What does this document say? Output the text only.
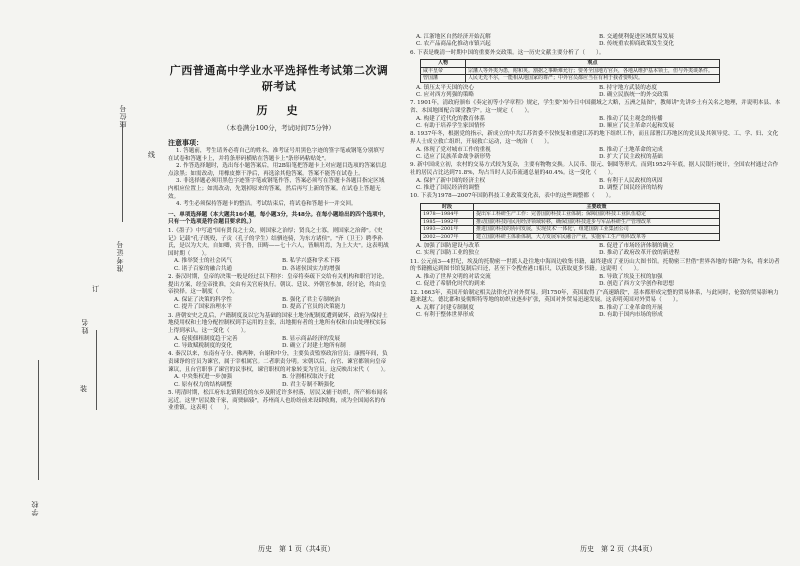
座位号
准考证号
姓名
学校
线
订
装
广西普通高中学业水平选择性考试第二次调研考试
历　史
（本卷满分100分，考试时间75分钟）
注意事项：

1. 答题前，考生请务必将自己的姓名、准考证号用黑色字迹的签字笔或钢笔分别填写在试卷和答题卡上，并将条形码横贴在答题卡上"条形码粘贴处"。

2. 作答选择题时，选出每小题答案后，用2B铅笔把答题卡上对应题目选项的答案信息点涂黑；如需改动，用橡皮擦干净后，再选涂其他答案。答案不能答在试卷上。

3. 非选择题必须用黑色字迹签字笔或钢笔作答，答案必须写在答题卡各题目指定区域内相应位置上；如需改动，先划掉原来的答案，然后再写上新的答案。在试卷上答题无效。

4. 考生必须保持答题卡的整洁。考试结束后，将试卷和答题卡一并交回。

一、单项选择题（本大题共16小题，每小题3分，共48分。在每小题给出的四个选项中，只有一个选项是符合题目要求的。）
1.《墨子》中写道"国有贤良之士众，则国家之治厚；贤良之士寡，则国家之治薄"。《史记》记载"孔子既殁，子贡（孔子的学生）结驷连骑，为东方诸侯"。"齐（卫王）聘季孙氏，是以为大夫，自如卿，宾于鲁，田畴——七十六人，皆顺用焉，为上大夫"。这表明战国时期（　　）。
A. 推举贤士的社会风气	B. 私学兴盛和学术下移
C. 诸子百家的融合共通	D. 各诸侯国实力的增强
2. 秦汉时期，皇帝的决策一般是经过以下程序：皇帝将奏疏下交给有关机构和职官讨论，提出方案，经皇帝批准，交由有关官府执行。朝议、廷议、外朝官参加，经讨论，终由皇帝抉择。这一制度（　　）。
A. 保证了决策的科学性	B. 强化了君主专制统治
C. 提升了国家治理水平	D. 提高了官员的决策能力
3. 唐朝安史之乱后，户籍制度及以它为基础的国家土地分配制度遭到破坏，政府为保持土地使用权和土地分配控制权到手运用的主张，出地拥有者的土地所有权和自由处理权实际上得到承认。这一变化（　　）。
A. 促使佃租制度趋于完善	B. 显示商品经济的发展
C. 导致赋税制度的变化	D. 确立了封建土地所有制
4. 秦汉以来，东南有寺分、佛两种，台谢和中分，主要负责監察政治官员；康熙年间，负责谏诤的官员为谏官，属于宰相属官。二者职责分明。宋朝以后，台官、谏官都领向皇帝谏议，且台官职事了谏官的议事权，谏官职权的对象转变为官员。这反映出宋代（　　）。
A. 中央集权进一步加强	B. 分割相权取决于此
C. 原有权力的结构调整	D. 君主专制不断强化
5. 明清时期，松江府东北镇附近的东乡及附近许多村落，居民又辅于纺织，所产棉布闻名远近。这里"居民数千家，商贾辐辏"，苏州商人也纷纷前来设肆收购，成为全国闻名的布业重镇。这表明（　　）。
历史　第 1 页（共4页）
A. 江浙地区自然经济开始瓦解	B. 交通便利促进区域贸易发展
C. 农产品商品化推动市镇兴起	D. 传统重农抑商政策发生变化
6. 下表是晚清一时期中国的重要外交政策。这一历史文献主要分析了（　　）。
人物	观点
咸丰皇帝	宗藩人等外夷为患，附和英。割据之事断难允行；要务全国地方官兵，各地从维护基本领土，但与外夷谈条件。
曾国藩	人民无先不尔，一能相从地国家的尊严；中外官员都应当在有利于我者要明决。
A. 镇压太平天国的决心	B. 持守地方武装的态度
C. 应对西方列强的策略	D. 确立民族统一的外交政策
7. 1901年，清政府颁布《奏定初等小学章程》规定，学生要"知今日中国疆域之大略，五洲之陆图"，教师讲"先讲乡土有关名之地理，并说明本县、本省、本国地图配合课堂教学"。这一规定（　　）。
A. 构建了近代化的教育体系	B. 推动了民主观念的传播
C. 有助于培养学生家国情怀	D. 顺应了民主革命兴起和发展
8. 1937年冬，根据党的指示，新成立的中共江苏省委不仅恢复和重建江苏的地下组织工作，而且部署江苏地区的党员及其领导党、工、学、妇、文化界人士成立救亡组织，开展救亡运动，这一统治（　　）。
A. 体现了党对城市工作的重视	B. 推动了土地革命的完成
C. 适应了民族革命战争新形势	D. 扩大了民主政权的基础
9. 新中国成立初，农村的交易方式较为复杂，主要有物物交换。人民币、银元、铜圆等形式。而到1952年年底，据人民银行统计，全国农村通过合作社的居民占比达到71.8%，均占当时人民币流通总量的40.4%。这一变化（　　）。
A. 保护了新中国的经济主权	B. 有利于人民政权的巩固
C. 推进了国民经济的调整	D. 调整了国民经济的结构
10. 下表为1978—2007年国防科技工业政策变化表，表中的这些调整都（　　）。
时段	主要政策
1978—1984年	提出军工科研生产工作：完善国防科技工业体制；保障国防科技工业队伍稳定
1985—1992年	推动国防科技向民用经济领域转移，确保国防科技进步与军品科研生产管理改革
1993—2001年	推进国防科技的协同发展，实现技术'一体化'，组建国防工业集团公司
2002—2007年	建立国防科研主体新体制，大力发展军民融合产业，实施军工生产组织改革等
A. 加强了国防建设与改革	B. 促进了市场经济体制的确立
C. 实现了国防工业的独立	D. 推动了政府改革开放的新进程
11. 公元前3—4世纪，埃及的托勒密一世派人赴往地中海周边收集书籍，最终建成了亚历山大图书馆。托勒密三世借"世界各地的书籍"为名，将来访者的书籍搬运到图书馆复制后归还，甚至下令搜查港口船只，以获取更多书籍。这说明（　　）。
A. 推动了世界文明的对话交流	B. 导致了埃及王权的加强
C. 促进了希腊化时代的到来	D. 创造了西方文学创作和思想
12. 1663年，英国开始制定相关法律允许对外贸易。到1750年，英国取得了"高速路段"，基本都形成完整的贸易体系，与此同时，伦敦的贸易影响力越来越大。德比郡和曼彻斯特等地的纺织业逐步扩张，英国对外贸易迅速发展。这表明英国对外贸易（　　）。
A. 瓦解了封建专制制度	B. 推动了工业革命的开展
C. 有利于整体世界形成	D. 有助于国内市场的形成
历史　第 2 页（共4页）
